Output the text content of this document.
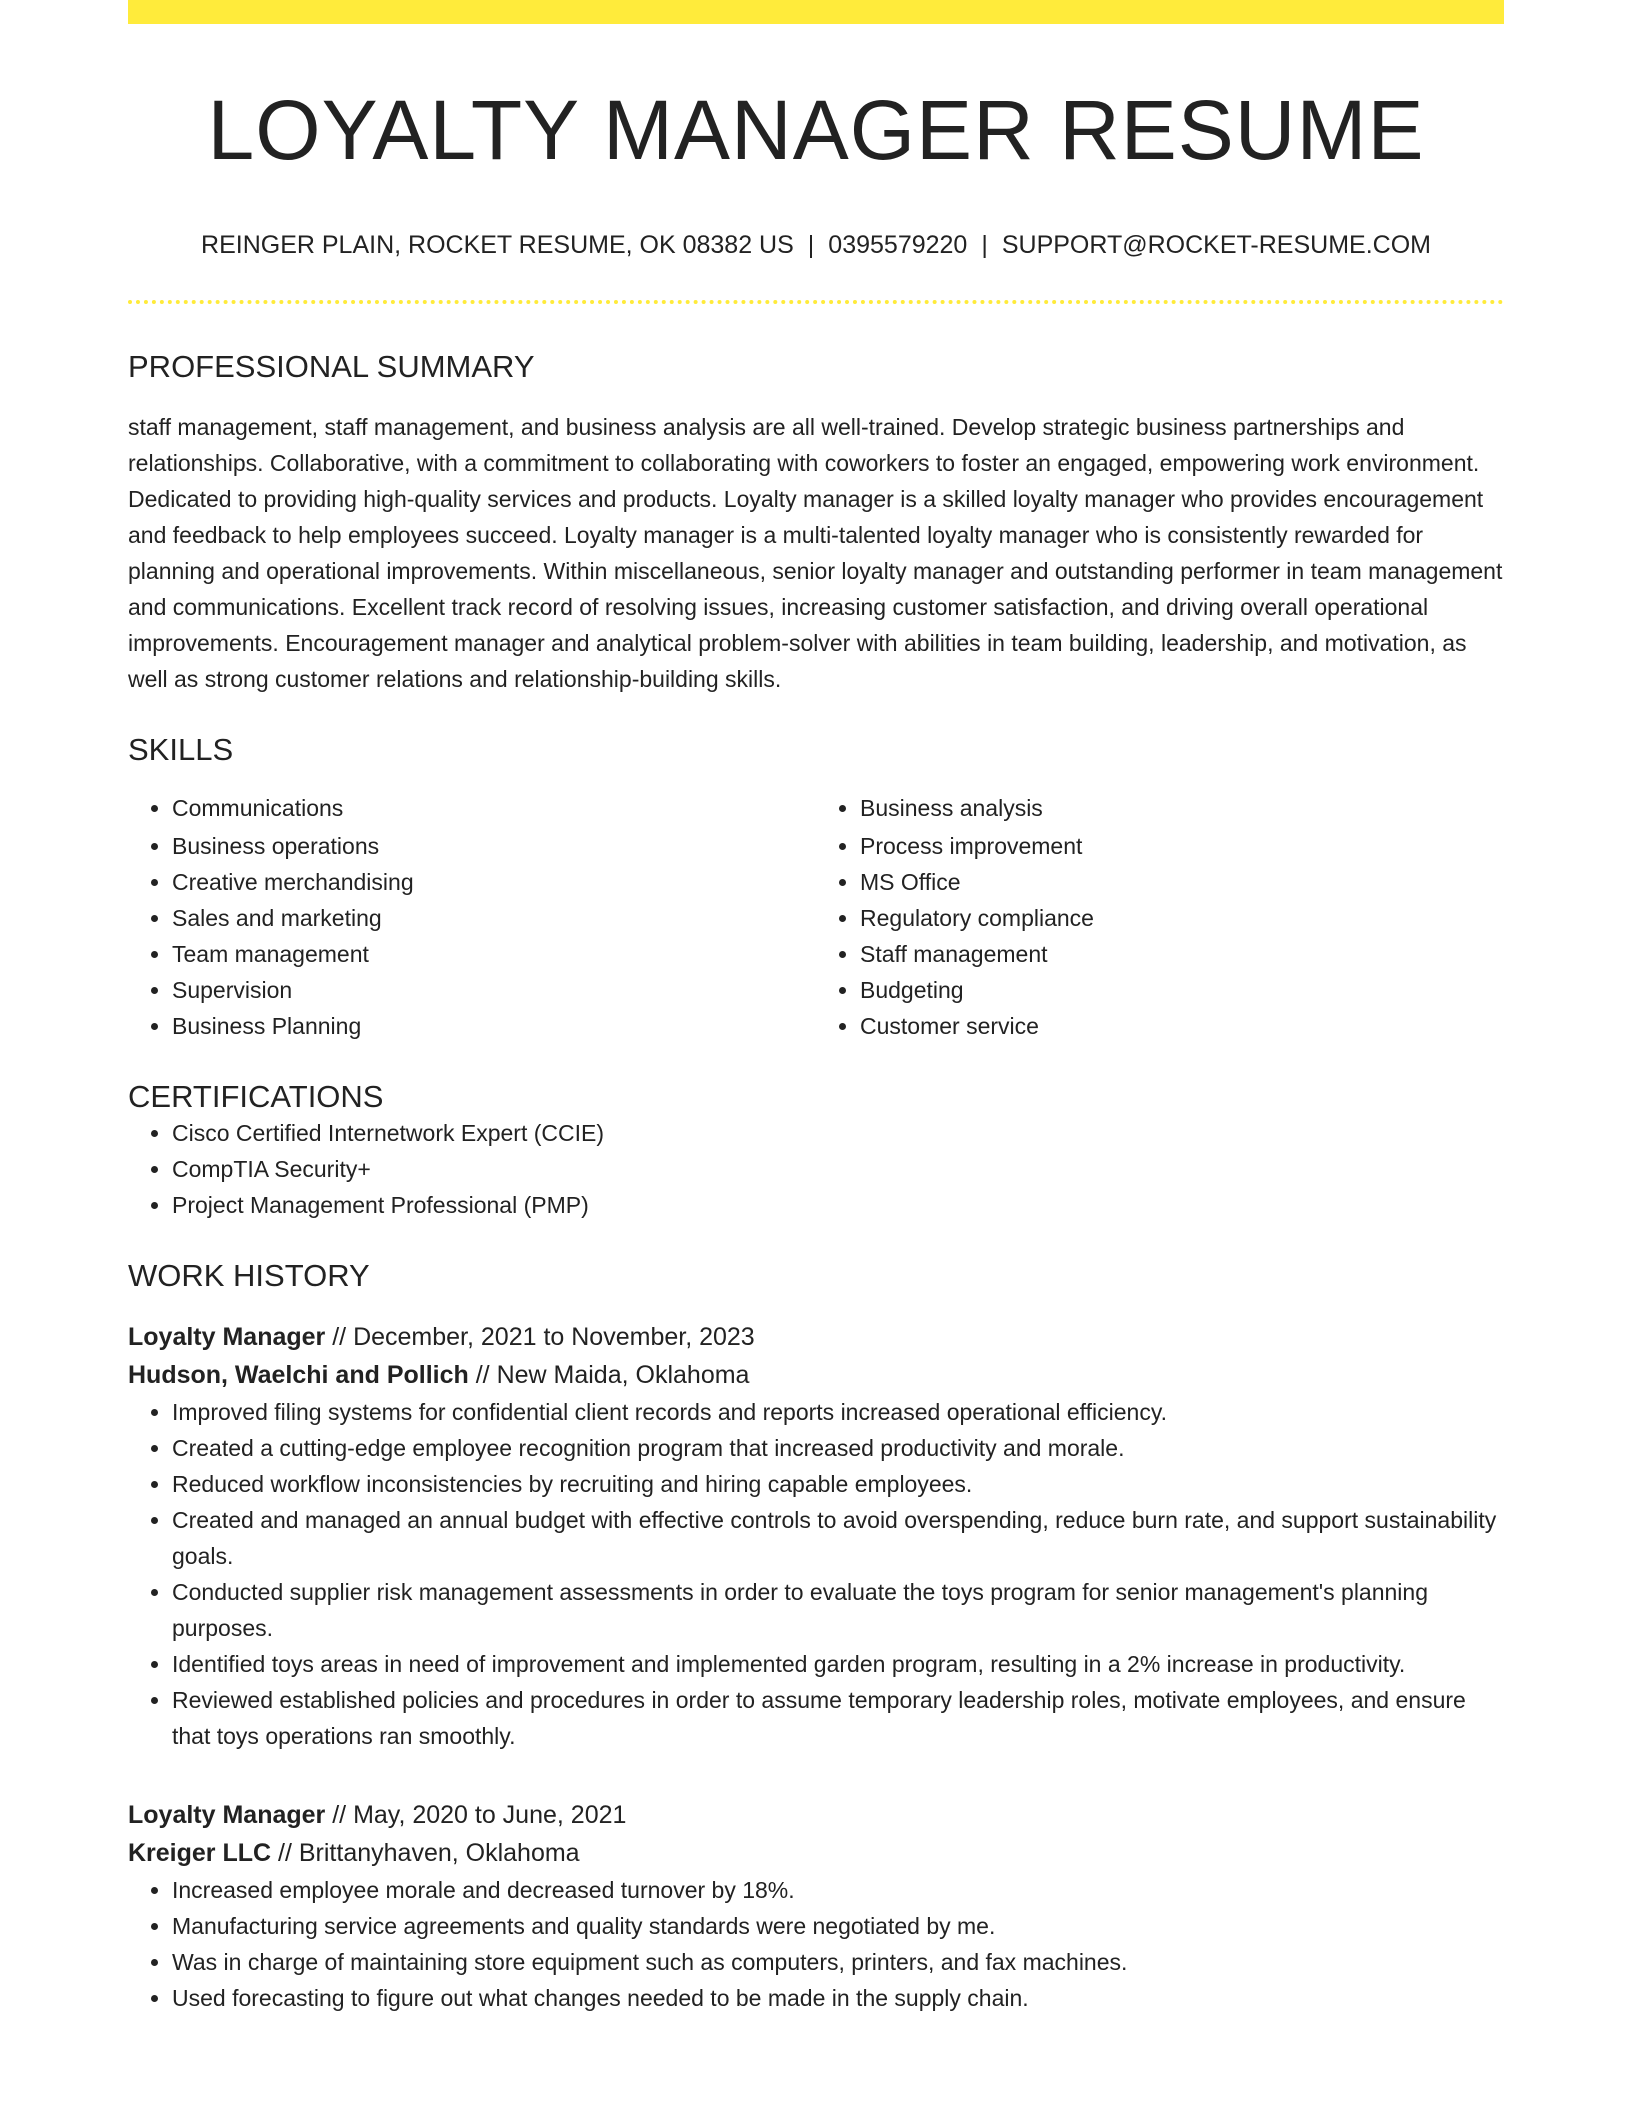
LOYALTY MANAGER RESUME
REINGER PLAIN, ROCKET RESUME, OK 08382 US | 0395579220 | SUPPORT@ROCKET-RESUME.COM
PROFESSIONAL SUMMARY

staff management, staff management, and business analysis are all well-trained. Develop strategic business partnerships and relationships. Collaborative, with a commitment to collaborating with coworkers to foster an engaged, empowering work environment. Dedicated to providing high-quality services and products. Loyalty manager is a skilled loyalty manager who provides encouragement and feedback to help employees succeed. Loyalty manager is a multi-talented loyalty manager who is consistently rewarded for planning and operational improvements. Within miscellaneous, senior loyalty manager and outstanding performer in team management and communications. Excellent track record of resolving issues, increasing customer satisfaction, and driving overall operational improvements. Encouragement manager and analytical problem-solver with abilities in team building, leadership, and motivation, as well as strong customer relations and relationship-building skills.

SKILLS
• Communications
• Business operations
• Creative merchandising
• Sales and marketing
• Team management
• Supervision
• Business Planning
• Business analysis
• Process improvement
• MS Office
• Regulatory compliance
• Staff management
• Budgeting
• Customer service
CERTIFICATIONS
• Cisco Certified Internetwork Expert (CCIE)
• CompTIA Security+
• Project Management Professional (PMP)
WORK HISTORY
Loyalty Manager // December, 2021 to November, 2023
Hudson, Waelchi and Pollich // New Maida, Oklahoma
• Improved filing systems for confidential client records and reports increased operational efficiency.
• Created a cutting-edge employee recognition program that increased productivity and morale.
• Reduced workflow inconsistencies by recruiting and hiring capable employees.
• Created and managed an annual budget with effective controls to avoid overspending, reduce burn rate, and support sustainability goals.
• Conducted supplier risk management assessments in order to evaluate the toys program for senior management's planning purposes.
• Identified toys areas in need of improvement and implemented garden program, resulting in a 2% increase in productivity.
• Reviewed established policies and procedures in order to assume temporary leadership roles, motivate employees, and ensure that toys operations ran smoothly.
Loyalty Manager // May, 2020 to June, 2021
Kreiger LLC // Brittanyhaven, Oklahoma
• Increased employee morale and decreased turnover by 18%.
• Manufacturing service agreements and quality standards were negotiated by me.
• Was in charge of maintaining store equipment such as computers, printers, and fax machines.
• Used forecasting to figure out what changes needed to be made in the supply chain.
